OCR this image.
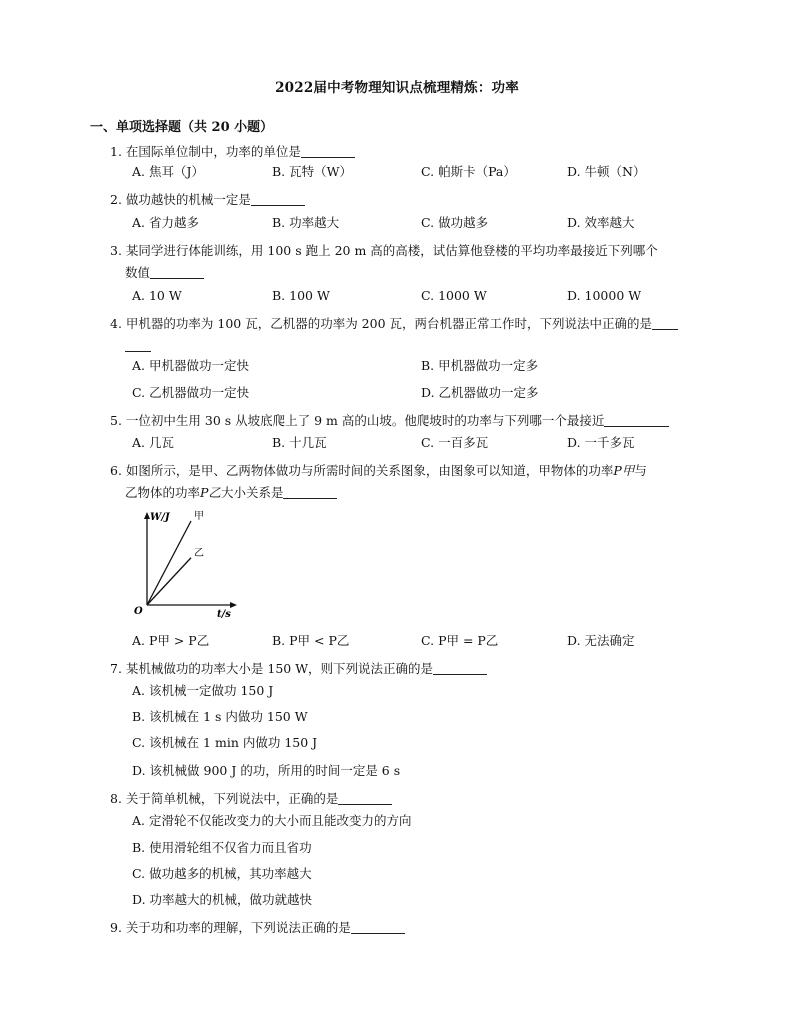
2022届中考物理知识点梳理精炼：功率
一、单项选择题（共 20 小题）
1. 在国际单位制中，功率的单位是
A. 焦耳（J）	B. 瓦特（W）	C. 帕斯卡（Pa）	D. 牛顿（N）
2. 做功越快的机械一定是
A. 省力越多	B. 功率越大	C. 做功越多	D. 效率越大
3. 某同学进行体能训练，用 100 s 跑上 20 m 高的高楼，试估算他登楼的平均功率最接近下列哪个
数值
A. 10 W	B. 100 W	C. 1000 W	D. 10000 W
4. 甲机器的功率为 100 瓦，乙机器的功率为 200 瓦，两台机器正常工作时，下列说法中正确的是
A. 甲机器做功一定快	B. 甲机器做功一定多
C. 乙机器做功一定快	D. 乙机器做功一定多
5. 一位初中生用 30 s 从坡底爬上了 9 m 高的山坡。他爬坡时的功率与下列哪一个最接近
A. 几瓦	B. 十几瓦	C. 一百多瓦	D. 一千多瓦
6. 如图所示，是甲、乙两物体做功与所需时间的关系图象，由图象可以知道，甲物体的功率P甲与
乙物体的功率P乙大小关系是
W/J
t/s
O
甲
乙
A. P甲 > P乙	B. P甲 < P乙	C. P甲 = P乙	D. 无法确定
7. 某机械做功的功率大小是 150 W，则下列说法正确的是
A. 该机械一定做功 150 J
B. 该机械在 1 s 内做功 150 W
C. 该机械在 1 min 内做功 150 J
D. 该机械做 900 J 的功，所用的时间一定是 6 s
8. 关于简单机械，下列说法中，正确的是
A. 定滑轮不仅能改变力的大小而且能改变力的方向
B. 使用滑轮组不仅省力而且省功
C. 做功越多的机械，其功率越大
D. 功率越大的机械，做功就越快
9. 关于功和功率的理解，下列说法正确的是
